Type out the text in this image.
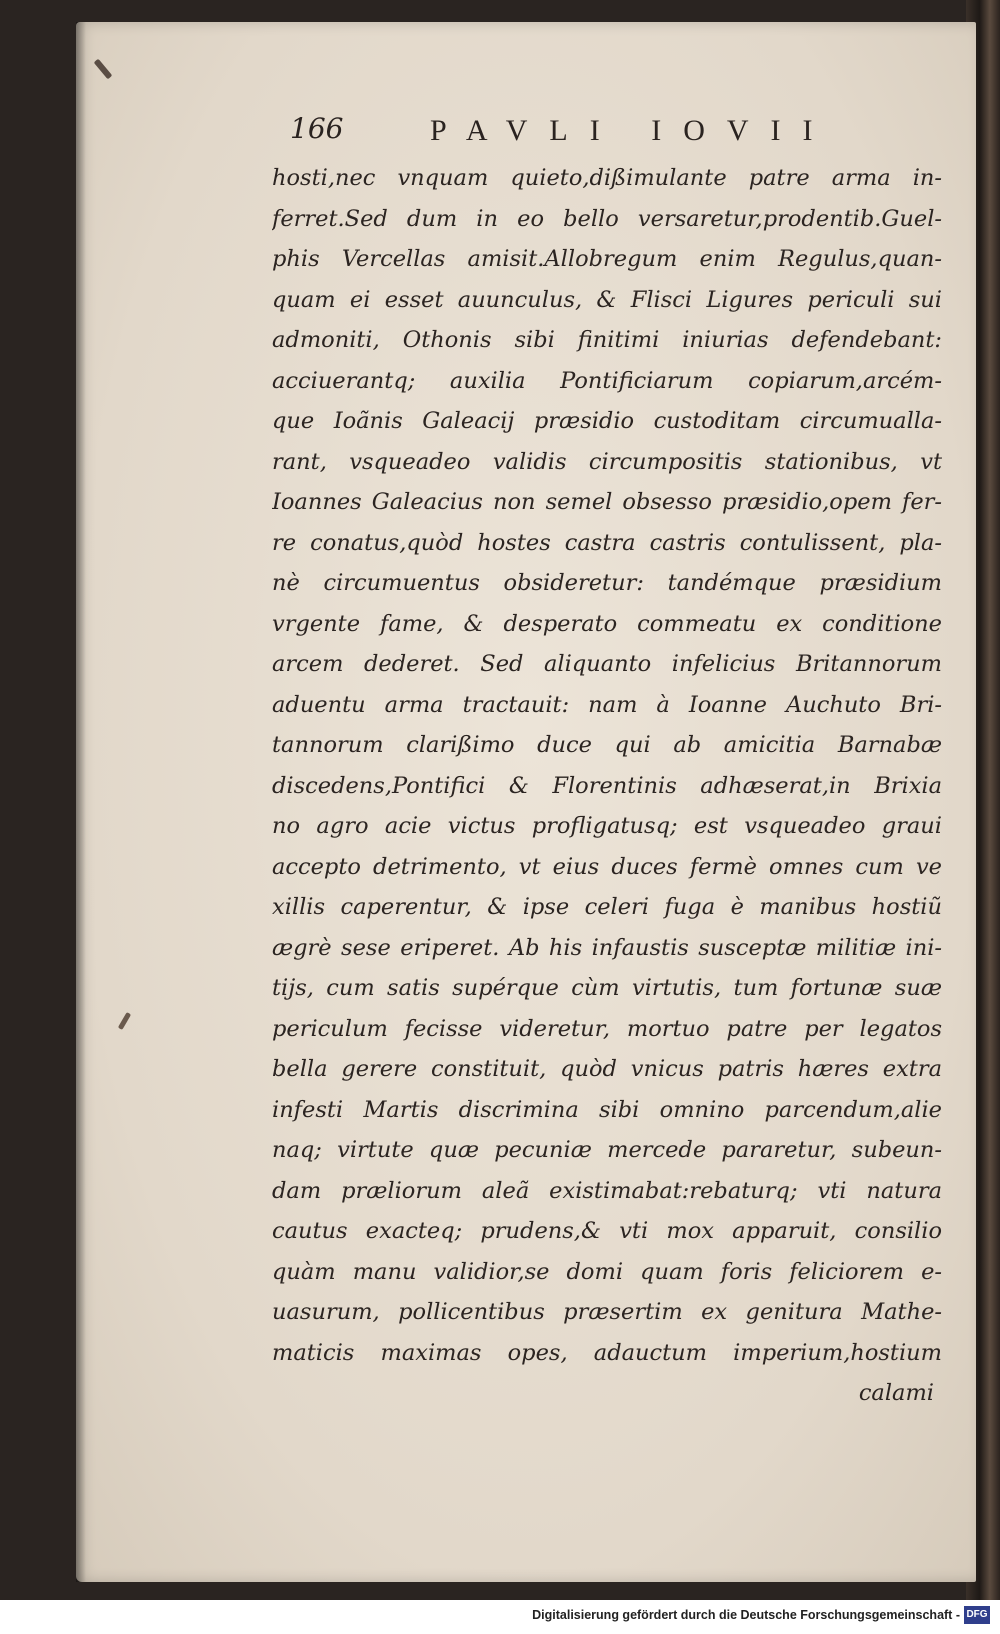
166	PAVLI IOVII
hosti,nec vnquam quieto,dißimulante patre arma in-
ferret.Sed dum in eo bello versaretur,prodentib.Guel-
phis Vercellas amisit.Allobregum enim Regulus,quan-
quam ei esset auunculus, & Flisci Ligures periculi sui
admoniti, Othonis sibi finitimi iniurias defendebant:
acciuerantq; auxilia Pontificiarum copiarum,arcém-
que Ioãnis Galeacij præsidio custoditam circumualla-
rant, vsqueadeo validis circumpositis stationibus, vt
Ioannes Galeacius non semel obsesso præsidio,opem fer-
re conatus,quòd hostes castra castris contulissent, pla-
nè circumuentus obsideretur: tandémque præsidium
vrgente fame, & desperato commeatu ex conditione
arcem dederet. Sed aliquanto infelicius Britannorum
aduentu arma tractauit: nam à Ioanne Auchuto Bri-
tannorum clarißimo duce qui ab amicitia Barnabæ
discedens,Pontifici & Florentinis adhæserat,in Brixia
no agro acie victus profligatusq; est vsqueadeo graui
accepto detrimento, vt eius duces fermè omnes cum ve
xillis caperentur, & ipse celeri fuga è manibus hostiũ
ægrè sese eriperet. Ab his infaustis susceptæ militiæ ini-
tijs, cum satis supérque cùm virtutis, tum fortunæ suæ
periculum fecisse videretur, mortuo patre per legatos
bella gerere constituit, quòd vnicus patris hæres extra
infesti Martis discrimina sibi omnino parcendum,alie
naq; virtute quæ pecuniæ mercede pararetur, subeun-
dam præliorum aleã existimabat:rebaturq; vti natura
cautus exacteq; prudens,& vti mox apparuit, consilio
quàm manu validior,se domi quam foris feliciorem e-
uasurum, pollicentibus præsertim ex genitura Mathe-
maticis maximas opes, adauctum imperium,hostium
calami
Digitalisierung gefördert durch die Deutsche Forschungsgemeinschaft - DFG
